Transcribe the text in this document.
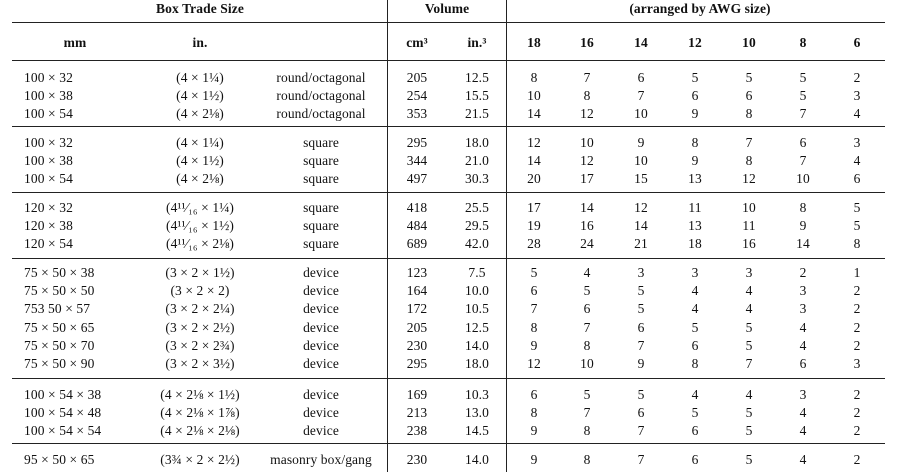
Box Trade Size	Volume	(arranged by AWG size)
mm	in.	cm³	in.³	18	16	14	12	10	8	6
100 × 32	(4 × 1¼)	round/octagonal	205	12.5	8	7	6	5	5	5	2
100 × 38	(4 × 1½)	round/octagonal	254	15.5	10	8	7	6	6	5	3
100 × 54	(4 × 2⅛)	round/octagonal	353	21.5	14	12	10	9	8	7	4
100 × 32	(4 × 1¼)	square	295	18.0	12	10	9	8	7	6	3
100 × 38	(4 × 1½)	square	344	21.0	14	12	10	9	8	7	4
100 × 54	(4 × 2⅛)	square	497	30.3	20	17	15	13	12	10	6
120 × 32	(4¹¹⁄₁₆ × 1¼)	square	418	25.5	17	14	12	11	10	8	5
120 × 38	(4¹¹⁄₁₆ × 1½)	square	484	29.5	19	16	14	13	11	9	5
120 × 54	(4¹¹⁄₁₆ × 2⅛)	square	689	42.0	28	24	21	18	16	14	8
75 × 50 × 38	(3 × 2 × 1½)	device	123	7.5	5	4	3	3	3	2	1
75 × 50 × 50	(3 × 2 × 2)	device	164	10.0	6	5	5	4	4	3	2
753 50 × 57	(3 × 2 × 2¼)	device	172	10.5	7	6	5	4	4	3	2
75 × 50 × 65	(3 × 2 × 2½)	device	205	12.5	8	7	6	5	5	4	2
75 × 50 × 70	(3 × 2 × 2¾)	device	230	14.0	9	8	7	6	5	4	2
75 × 50 × 90	(3 × 2 × 3½)	device	295	18.0	12	10	9	8	7	6	3
100 × 54 × 38	(4 × 2⅛ × 1½)	device	169	10.3	6	5	5	4	4	3	2
100 × 54 × 48	(4 × 2⅛ × 1⅞)	device	213	13.0	8	7	6	5	5	4	2
100 × 54 × 54	(4 × 2⅛ × 2⅛)	device	238	14.5	9	8	7	6	5	4	2
95 × 50 × 65	(3¾ × 2 × 2½)	masonry box/gang	230	14.0	9	8	7	6	5	4	2
